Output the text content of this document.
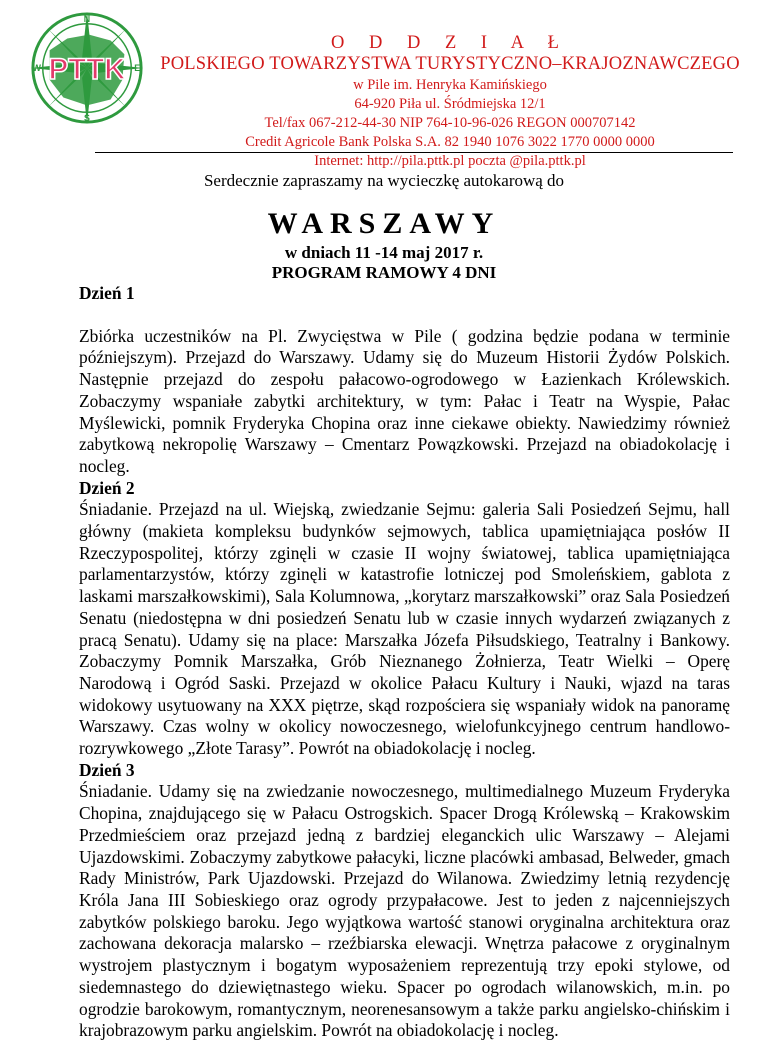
PTTK
N
S
W	E
O D D Z I A Ł
POLSKIEGO TOWARZYSTWA TURYSTYCZNO–KRAJOZNAWCZEGO
w Pile im. Henryka Kamińskiego
64-920 Piła ul. Śródmiejska 12/1
Tel/fax 067-212-44-30 NIP 764-10-96-026 REGON 000707142
Credit Agricole Bank Polska S.A. 82 1940 1076 3022 1770 0000 0000
Internet: http://pila.pttk.pl poczta @pila.pttk.pl
Serdecznie zapraszamy na wycieczkę autokarową do
WARSZAWY
w dniach 11 -14 maj 2017 r.
PROGRAM RAMOWY 4 DNI
Dzień 1

Zbiórka uczestników na Pl. Zwycięstwa w Pile ( godzina będzie podana w terminie późniejszym). Przejazd do Warszawy. Udamy się do Muzeum Historii Żydów Polskich. Następnie przejazd do zespołu pałacowo-ogrodowego w Łazienkach Królewskich. Zobaczymy wspaniałe zabytki architektury, w tym: Pałac i Teatr na Wyspie, Pałac Myślewicki, pomnik Fryderyka Chopina oraz inne ciekawe obiekty. Nawiedzimy również zabytkową nekropolię Warszawy – Cmentarz Powązkowski. Przejazd na obiadokolację i nocleg.

Dzień 2

Śniadanie. Przejazd na ul. Wiejską, zwiedzanie Sejmu: galeria Sali Posiedzeń Sejmu, hall główny (makieta kompleksu budynków sejmowych, tablica upamiętniająca posłów II Rzeczypospolitej, którzy zginęli w czasie II wojny światowej, tablica upamiętniająca parlamentarzystów, którzy zginęli w katastrofie lotniczej pod Smoleńskiem, gablota z laskami marszałkowskimi), Sala Kolumnowa, „korytarz marszałkowski” oraz Sala Posiedzeń Senatu (niedostępna w dni posiedzeń Senatu lub w czasie innych wydarzeń związanych z pracą Senatu). Udamy się na place: Marszałka Józefa Piłsudskiego, Teatralny i Bankowy. Zobaczymy Pomnik Marszałka, Grób Nieznanego Żołnierza, Teatr Wielki – Operę Narodową i Ogród Saski. Przejazd w okolice Pałacu Kultury i Nauki, wjazd na taras widokowy usytuowany na XXX piętrze, skąd rozpościera się wspaniały widok na panoramę Warszawy. Czas wolny w okolicy nowoczesnego, wielofunkcyjnego centrum handlowo-rozrywkowego „Złote Tarasy”. Powrót na obiadokolację i nocleg.

Dzień 3

Śniadanie. Udamy się na zwiedzanie nowoczesnego, multimedialnego Muzeum Fryderyka Chopina, znajdującego się w Pałacu Ostrogskich. Spacer Drogą Królewską – Krakowskim Przedmieściem oraz przejazd jedną z bardziej eleganckich ulic Warszawy – Alejami Ujazdowskimi. Zobaczymy zabytkowe pałacyki, liczne placówki ambasad, Belweder, gmach Rady Ministrów, Park Ujazdowski. Przejazd do Wilanowa. Zwiedzimy letnią rezydencję Króla Jana III Sobieskiego oraz ogrody przypałacowe. Jest to jeden z najcenniejszych zabytków polskiego baroku. Jego wyjątkowa wartość stanowi oryginalna architektura oraz zachowana dekoracja malarsko – rzeźbiarska elewacji. Wnętrza pałacowe z oryginalnym wystrojem plastycznym i bogatym wyposażeniem reprezentują trzy epoki stylowe, od siedemnastego do dziewiętnastego wieku. Spacer po ogrodach wilanowskich, m.in. po ogrodzie barokowym, romantycznym, neorenesansowym a także parku angielsko-chińskim i krajobrazowym parku angielskim. Powrót na obiadokolację i nocleg.
